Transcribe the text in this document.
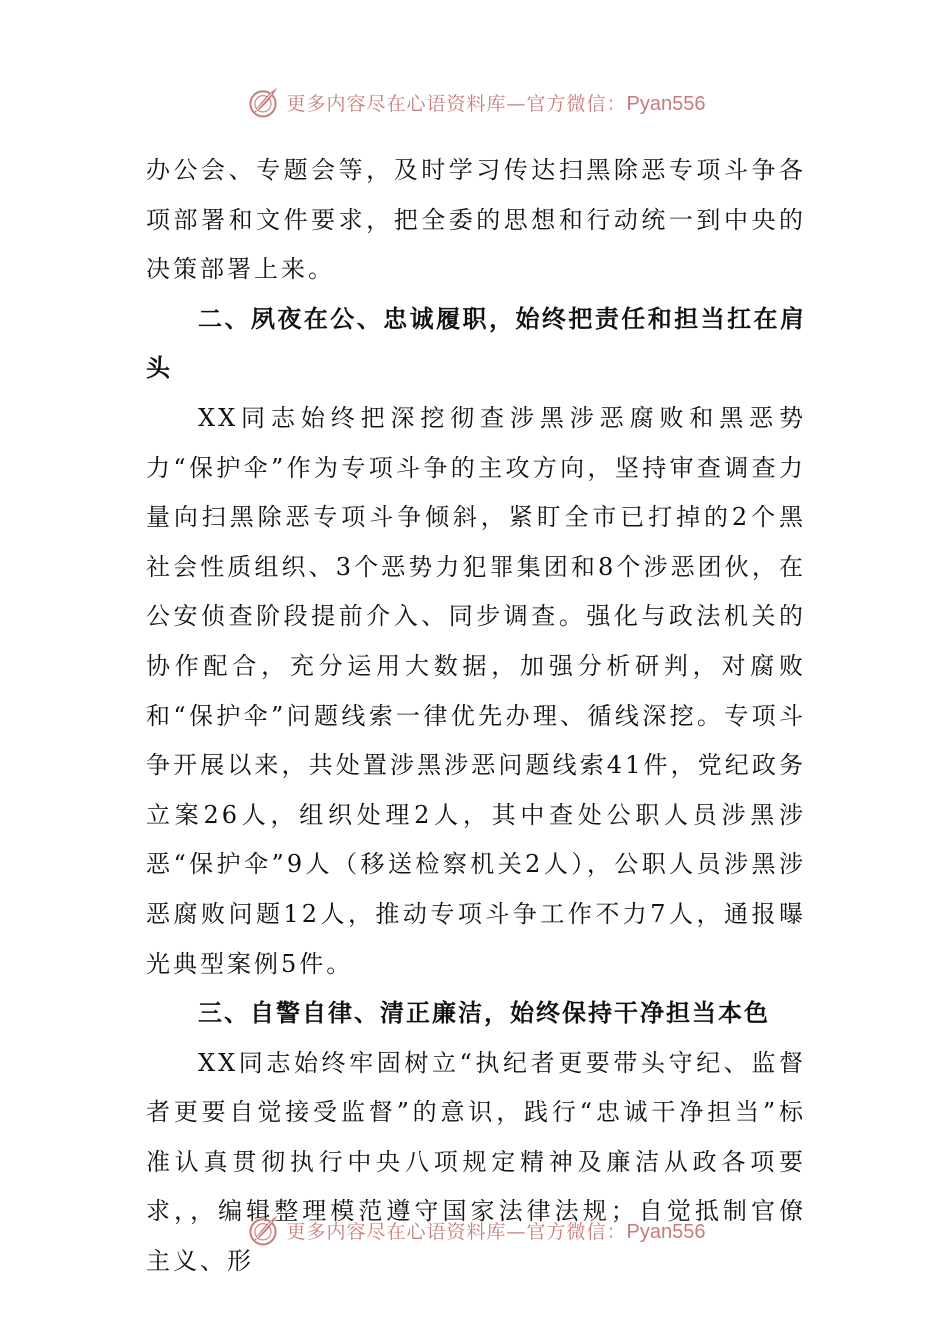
更多内容尽在心语资料库—官方微信：Pyan556

办公会、专题会等，及时学习传达扫黑除恶专项斗争各项部署和文件要求，把全委的思想和行动统一到中央的决策部署上来。

二、夙夜在公、忠诚履职，始终把责任和担当扛在肩头

XX同志始终把深挖彻查涉黑涉恶腐败和黑恶势力“保护伞”作为专项斗争的主攻方向，坚持审查调查力量向扫黑除恶专项斗争倾斜，紧盯全市已打掉的2个黑社会性质组织、3个恶势力犯罪集团和8个涉恶团伙，在公安侦查阶段提前介入、同步调查。强化与政法机关的协作配合，充分运用大数据，加强分析研判，对腐败和“保护伞”问题线索一律优先办理、循线深挖。专项斗争开展以来，共处置涉黑涉恶问题线索41件，党纪政务立案26人，组织处理2人，其中查处公职人员涉黑涉恶“保护伞”9人（移送检察机关2人），公职人员涉黑涉恶腐败问题12人，推动专项斗争工作不力7人，通报曝光典型案例5件。

三、自警自律、清正廉洁，始终保持干净担当本色

XX同志始终牢固树立“执纪者更要带头守纪、监督者更要自觉接受监督”的意识，践行“忠诚干净担当”标准认真贯彻执行中央八项规定精神及廉洁从政各项要求，，编辑整理模范遵守国家法律法规；自觉抵制官僚主义、形

更多内容尽在心语资料库—官方微信：Pyan556
